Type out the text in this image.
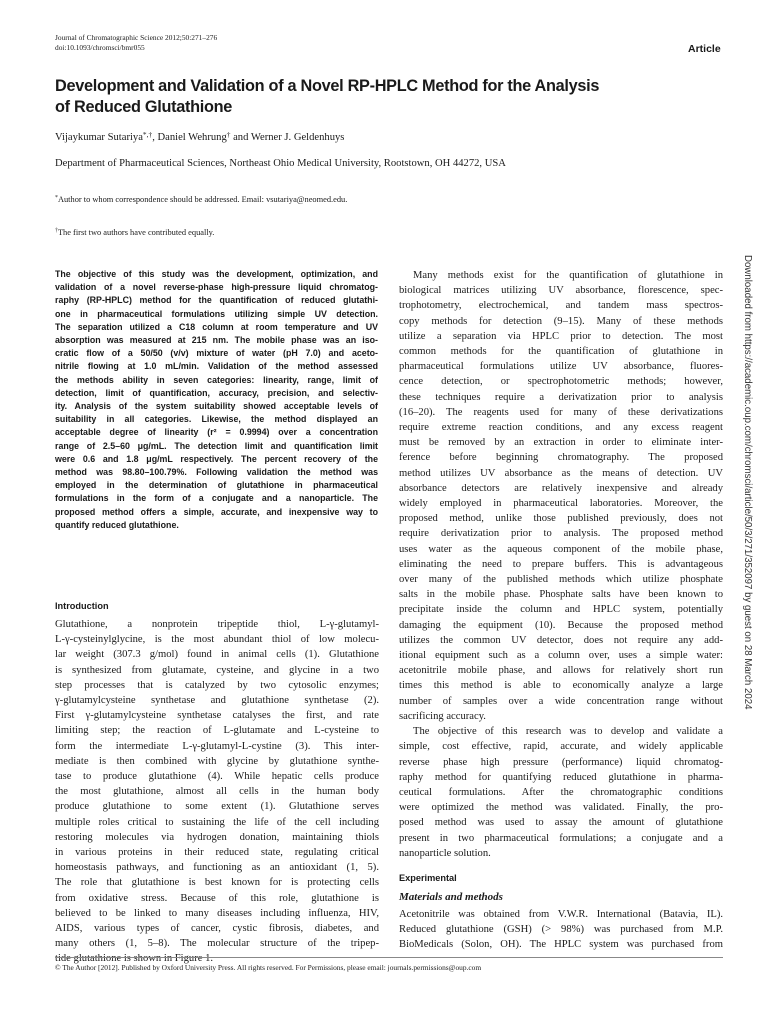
Journal of Chromatographic Science 2012;50:271–276
doi:10.1093/chromsci/bmr055	Article
Development and Validation of a Novel RP-HPLC Method for the Analysis
of Reduced Glutathione
Vijaykumar Sutariya*,†, Daniel Wehrung† and Werner J. Geldenhuys
Department of Pharmaceutical Sciences, Northeast Ohio Medical University, Rootstown, OH 44272, USA
*Author to whom correspondence should be addressed. Email: vsutariya@neomed.edu.
†The first two authors have contributed equally.
The objective of this study was the development, optimization, and
validation of a novel reverse-phase high-pressure liquid chromatog-
raphy (RP-HPLC) method for the quantification of reduced glutathi-
one in pharmaceutical formulations utilizing simple UV detection.
The separation utilized a C18 column at room temperature and UV
absorption was measured at 215 nm. The mobile phase was an iso-
cratic flow of a 50/50 (v/v) mixture of water (pH 7.0) and aceto-
nitrile flowing at 1.0 mL/min. Validation of the method assessed
the methods ability in seven categories: linearity, range, limit of
detection, limit of quantification, accuracy, precision, and selectiv-
ity. Analysis of the system suitability showed acceptable levels of
suitability in all categories. Likewise, the method displayed an
acceptable degree of linearity (r² = 0.9994) over a concentration
range of 2.5–60 μg/mL. The detection limit and quantification limit
were 0.6 and 1.8 μg/mL respectively. The percent recovery of the
method was 98.80–100.79%. Following validation the method was
employed in the determination of glutathione in pharmaceutical
formulations in the form of a conjugate and a nanoparticle. The
proposed method offers a simple, accurate, and inexpensive way to
quantify reduced glutathione.
Introduction
Glutathione, a nonprotein tripeptide thiol, L-γ-glutamyl-
L-γ-cysteinylglycine, is the most abundant thiol of low molecu-
lar weight (307.3 g/mol) found in animal cells (1). Glutathione
is synthesized from glutamate, cysteine, and glycine in a two
step processes that is catalyzed by two cytosolic enzymes;
γ-glutamylcysteine synthetase and glutathione synthetase (2).
First γ-glutamylcysteine synthetase catalyses the first, and rate
limiting step; the reaction of L-glutamate and L-cysteine to
form the intermediate L-γ-glutamyl-L-cystine (3). This inter-
mediate is then combined with glycine by glutathione synthe-
tase to produce glutathione (4). While hepatic cells produce
the most glutathione, almost all cells in the human body
produce glutathione to some extent (1). Glutathione serves
multiple roles critical to sustaining the life of the cell including
restoring molecules via hydrogen donation, maintaining thiols
in various proteins in their reduced state, regulating critical
homeostasis pathways, and functioning as an antioxidant (1, 5).
The role that glutathione is best known for is protecting cells
from oxidative stress. Because of this role, glutathione is
believed to be linked to many diseases including influenza, HIV,
AIDS, various types of cancer, cystic fibrosis, diabetes, and
many others (1, 5–8). The molecular structure of the tripep-
tide glutathione is shown in Figure 1.
Many methods exist for the quantification of glutathione in
biological matrices utilizing UV absorbance, florescence, spec-
trophotometry, electrochemical, and tandem mass spectros-
copy methods for detection (9–15). Many of these methods
utilize a separation via HPLC prior to detection. The most
common methods for the quantification of glutathione in
pharmaceutical formulations utilize UV absorbance, fluores-
cence detection, or spectrophotometric methods; however,
these techniques require a derivatization prior to analysis
(16–20). The reagents used for many of these derivatizations
require extreme reaction conditions, and any excess reagent
must be removed by an extraction in order to eliminate inter-
ference before beginning chromatography. The proposed
method utilizes UV absorbance as the means of detection. UV
absorbance detectors are relatively inexpensive and already
widely employed in pharmaceutical laboratories. Moreover, the
proposed method, unlike those published previously, does not
require derivatization prior to analysis. The proposed method
uses water as the aqueous component of the mobile phase,
eliminating the need to prepare buffers. This is advantageous
over many of the published methods which utilize phosphate
salts in the mobile phase. Phosphate salts have been known to
precipitate inside the column and HPLC system, potentially
damaging the equipment (10). Because the proposed method
utilizes the common UV detector, does not require any add-
itional equipment such as a column over, uses a simple water:
acetonitrile mobile phase, and allows for relatively short run
times this method is able to economically analyze a large
number of samples over a wide concentration range without
sacrificing accuracy.
The objective of this research was to develop and validate a
simple, cost effective, rapid, accurate, and widely applicable
reverse phase high pressure (performance) liquid chromatog-
raphy method for quantifying reduced glutathione in pharma-
ceutical formulations. After the chromatographic conditions
were optimized the method was validated. Finally, the pro-
posed method was used to assay the amount of glutathione
present in two pharmaceutical formulations; a conjugate and a
nanoparticle solution.
Experimental
Materials and methods
Acetonitrile was obtained from V.W.R. International (Batavia, IL).
Reduced glutathione (GSH) (> 98%) was purchased from M.P.
BioMedicals (Solon, OH). The HPLC system was purchased from
© The Author [2012]. Published by Oxford University Press. All rights reserved. For Permissions, please email: journals.permissions@oup.com
Downloaded from https://academic.oup.com/chromsci/article/50/3/271/352097 by guest on 28 March 2024
